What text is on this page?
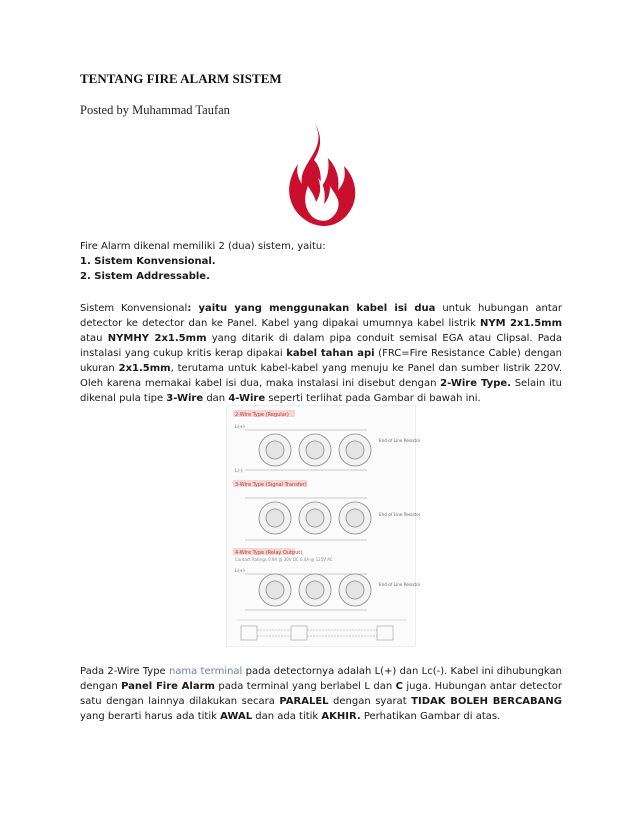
TENTANG FIRE ALARM SISTEM
Posted by Muhammad Taufan
Fire Alarm dikenal memiliki 2 (dua) sistem, yaitu:
1. Sistem Konvensional.
2. Sistem Addressable.
Sistem Konvensional: yaitu yang menggunakan kabel isi dua untuk hubungan antar detector ke detector dan ke Panel. Kabel yang dipakai umumnya kabel listrik NYM 2x1.5mm atau NYMHY 2x1.5mm yang ditarik di dalam pipa conduit semisal EGA atau Clipsal. Pada instalasi yang cukup kritis kerap dipakai kabel tahan api (FRC=Fire Resistance Cable) dengan ukuran 2x1.5mm, terutama untuk kabel-kabel yang menuju ke Panel dan sumber listrik 220V. Oleh karena memakai kabel isi dua, maka instalasi ini disebut dengan 2-Wire Type. Selain itu dikenal pula tipe 3-Wire dan 4-Wire seperti terlihat pada Gambar di bawah ini.
2-Wire Type (Regular)
L(+)
L(-)
End of Line Resistor
3-Wire Type (Signal Transfer)
End of Line Resistor
4-Wire Type (Relay Output)
Contact Ratings 0.9A @ 30V DC 0.4A @ 125V AC
L(+)
End of Line Resistor
Pada 2-Wire Type nama terminal pada detectornya adalah L(+) dan Lc(-). Kabel ini dihubungkan dengan Panel Fire Alarm pada terminal yang berlabel L dan C juga. Hubungan antar detector satu dengan lainnya dilakukan secara PARALEL dengan syarat TIDAK BOLEH BERCABANG yang berarti harus ada titik AWAL dan ada titik AKHIR. Perhatikan Gambar di atas.
